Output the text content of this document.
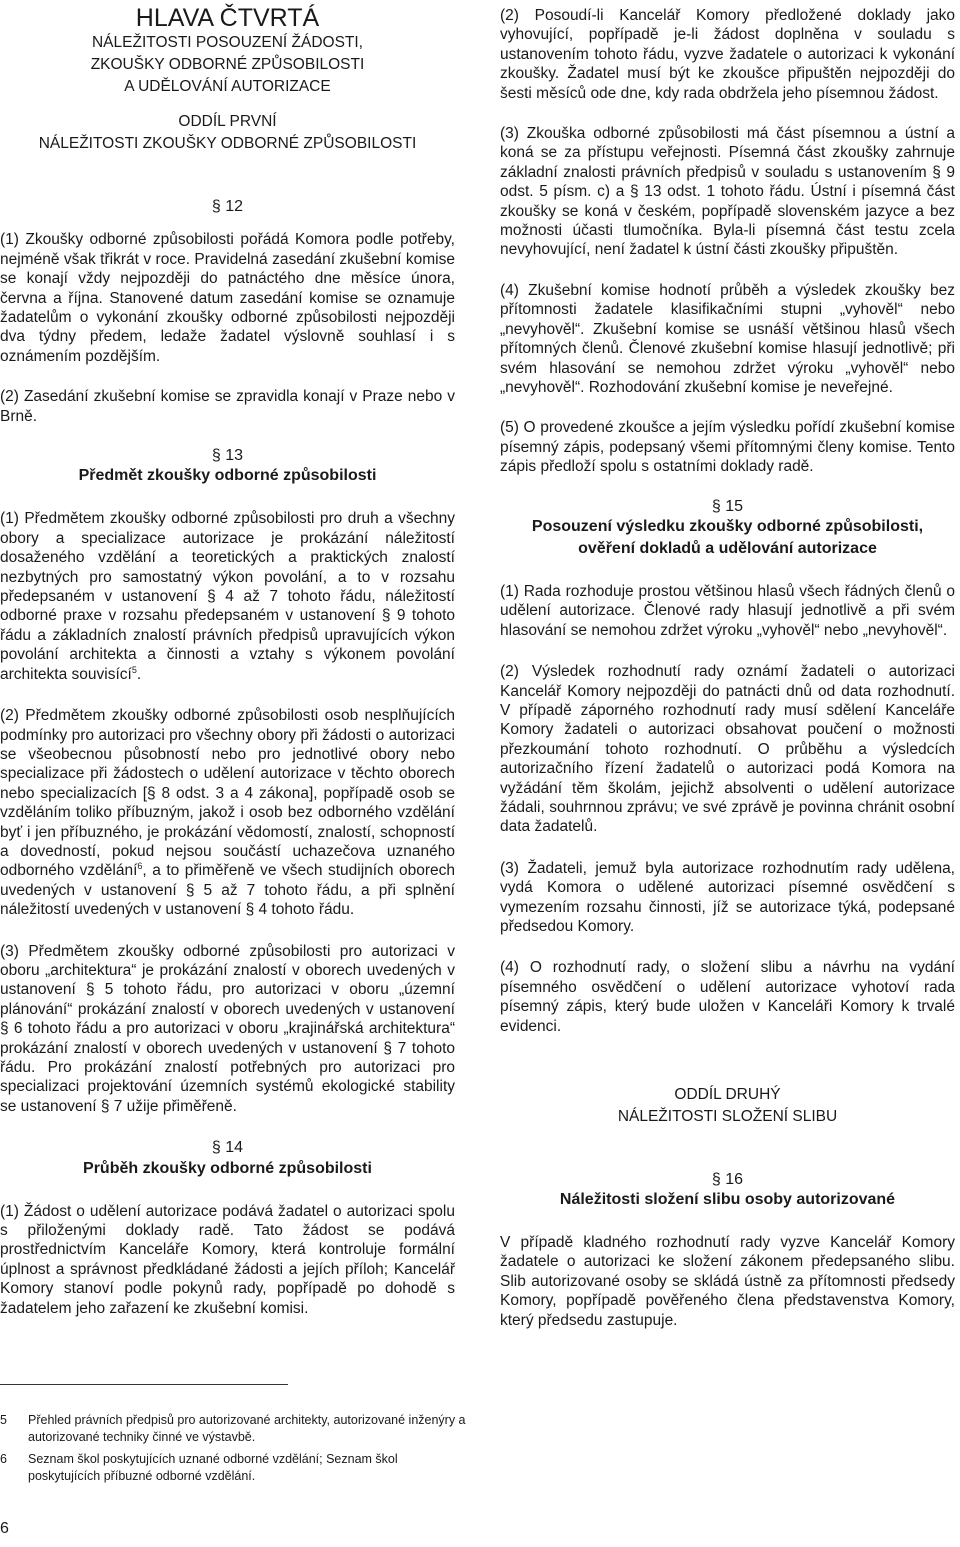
HLAVA ČTVRTÁ

NÁLEŽITOSTI POSOUZENÍ ŽÁDOSTI,

ZKOUŠKY ODBORNÉ ZPŮSOBILOSTI

A UDĚLOVÁNÍ AUTORIZACE

ODDÍL PRVNÍ

NÁLEŽITOSTI ZKOUŠKY ODBORNÉ ZPŮSOBILOSTI

§ 12

(1) Zkoušky odborné způsobilosti pořádá Komora podle potřeby, nejméně však třikrát v roce. Pravidelná zasedání zkušební komise se konají vždy nejpozději do patnáctého dne měsíce února, června a října. Stanovené datum zasedání komise se oznamuje žadatelům o vykonání zkoušky odborné způsobilosti nejpozději dva týdny předem, ledaže žadatel výslovně souhlasí i s oznámením pozdějším.

(2) Zasedání zkušební komise se zpravidla konají v Praze nebo v Brně.

§ 13

Předmět zkoušky odborné způsobilosti

(1) Předmětem zkoušky odborné způsobilosti pro druh a všechny obory a specializace autorizace je prokázání náležitostí dosaženého vzdělání a teoretických a praktických znalostí nezbytných pro samostatný výkon povolání, a to v rozsahu předepsaném v ustanovení § 4 až 7 tohoto řádu, náležitostí odborné praxe v rozsahu předepsaném v ustanovení § 9 tohoto řádu a základních znalostí právních předpisů upravujících výkon povolání architekta a činnosti a vztahy s výkonem povolání architekta souvisící$^5$.

(2) Předmětem zkoušky odborné způsobilosti osob nesplňujících podmínky pro autorizaci pro všechny obory při žádosti o autorizaci se všeobecnou působností nebo pro jednotlivé obory nebo specializace při žádostech o udělení autorizace v těchto oborech nebo specializacích [§ 8 odst. 3 a 4 zákona], popřípadě osob se vzděláním toliko příbuzným, jakož i osob bez odborného vzdělání byť i jen příbuzného, je prokázání vědomostí, znalostí, schopností a dovedností, pokud nejsou součástí uchazečova uznaného odborného vzdělání$^6$, a to přiměřeně ve všech studijních oborech uvedených v ustanovení § 5 až 7 tohoto řádu, a při splnění náležitostí uvedených v ustanovení § 4 tohoto řádu.

(3) Předmětem zkoušky odborné způsobilosti pro autorizaci v oboru „architektura“ je prokázání znalostí v oborech uvedených v ustanovení § 5 tohoto řádu, pro autorizaci v oboru „územní plánování“ prokázání znalostí v oborech uvedených v ustanovení § 6 tohoto řádu a pro autorizaci v oboru „krajinářská architektura“ prokázání znalostí v oborech uvedených v ustanovení § 7 tohoto řádu. Pro prokázání znalostí potřebných pro autorizaci pro specializaci projektování územních systémů ekologické stability se ustanovení § 7 užije přiměřeně.

§ 14

Průběh zkoušky odborné způsobilosti

(1) Žádost o udělení autorizace podává žadatel o autorizaci spolu s přiloženými doklady radě. Tato žádost se podává prostřednictvím Kanceláře Komory, která kontroluje formální úplnost a správnost předkládané žádosti a jejích příloh; Kancelář Komory stanoví podle pokynů rady, popřípadě po dohodě s žadatelem jeho zařazení ke zkušební komisi.

(2) Posoudí-li Kancelář Komory předložené doklady jako vyhovující, popřípadě je-li žádost doplněna v souladu s ustanovením tohoto řádu, vyzve žadatele o autorizaci k vykonání zkoušky. Žadatel musí být ke zkoušce připuštěn nejpozději do šesti měsíců ode dne, kdy rada obdržela jeho písemnou žádost.

(3) Zkouška odborné způsobilosti má část písemnou a ústní a koná se za přístupu veřejnosti. Písemná část zkoušky zahrnuje základní znalosti právních předpisů v souladu s ustanovením § 9 odst. 5 písm. c) a § 13 odst. 1 tohoto řádu. Ústní i písemná část zkoušky se koná v českém, popřípadě slovenském jazyce a bez možnosti účasti tlumočníka. Byla-li písemná část testu zcela nevyhovující, není žadatel k ústní části zkoušky připuštěn.

(4) Zkušební komise hodnotí průběh a výsledek zkoušky bez přítomnosti žadatele klasifikačními stupni „vyhověl“ nebo „nevyhověl“. Zkušební komise se usnáší většinou hlasů všech přítomných členů. Členové zkušební komise hlasují jednotlivě; při svém hlasování se nemohou zdržet výroku „vyhověl“ nebo „nevyhověl“. Rozhodování zkušební komise je neveřejné.

(5) O provedené zkoušce a jejím výsledku pořídí zkušební komise písemný zápis, podepsaný všemi přítomnými členy komise. Tento zápis předloží spolu s ostatními doklady radě.

§ 15

Posouzení výsledku zkoušky odborné způsobilosti,

ověření dokladů a udělování autorizace

(1) Rada rozhoduje prostou většinou hlasů všech řádných členů o udělení autorizace. Členové rady hlasují jednotlivě a při svém hlasování se nemohou zdržet výroku „vyhověl“ nebo „nevyhověl“.

(2) Výsledek rozhodnutí rady oznámí žadateli o autorizaci Kancelář Komory nejpozději do patnácti dnů od data rozhodnutí. V případě záporného rozhodnutí rady musí sdělení Kanceláře Komory žadateli o autorizaci obsahovat poučení o možnosti přezkoumání tohoto rozhodnutí. O průběhu a výsledcích autorizačního řízení žadatelů o autorizaci podá Komora na vyžádání těm školám, jejichž absolventi o udělení autorizace žádali, souhrnnou zprávu; ve své zprávě je povinna chránit osobní data žadatelů.

(3) Žadateli, jemuž byla autorizace rozhodnutím rady udělena, vydá Komora o udělené autorizaci písemné osvědčení s vymezením rozsahu činnosti, jíž se autorizace týká, podepsané předsedou Komory.

(4) O rozhodnutí rady, o složení slibu a návrhu na vydání písemného osvědčení o udělení autorizace vyhotoví rada písemný zápis, který bude uložen v Kanceláři Komory k trvalé evidenci.

ODDÍL DRUHÝ

NÁLEŽITOSTI SLOŽENÍ SLIBU

§ 16

Náležitosti složení slibu osoby autorizované

V případě kladného rozhodnutí rady vyzve Kancelář Komory žadatele o autorizaci ke složení zákonem předepsaného slibu. Slib autorizované osoby se skládá ústně za přítomnosti předsedy Komory, popřípadě pověřeného člena představenstva Komory, který předsedu zastupuje.

5	Přehled právních předpisů pro autorizované architekty, autorizované inženýry a autorizované techniky činné ve výstavbě.
6	Seznam škol poskytujících uznané odborné vzdělání; Seznam škol poskytujících příbuzné odborné vzdělání.
6
